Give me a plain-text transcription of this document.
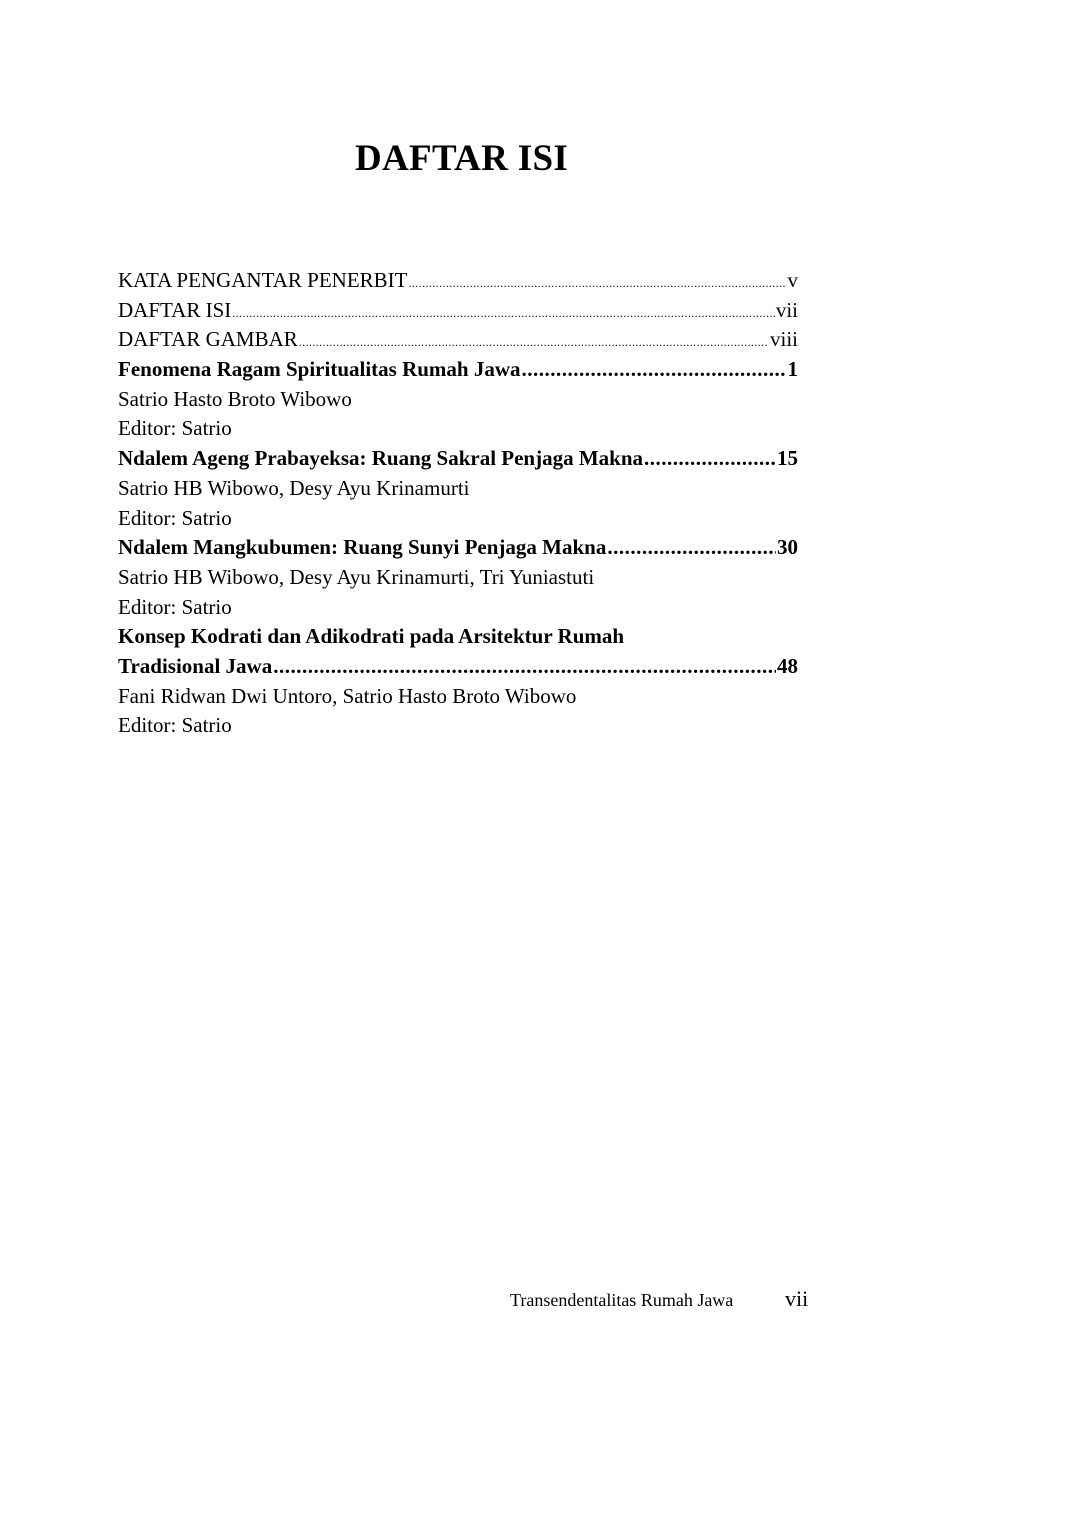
DAFTAR ISI
KATA PENGANTAR PENERBIT .....	v
DAFTAR ISI .....	vii
DAFTAR GAMBAR .....	viii
Fenomena Ragam Spiritualitas Rumah Jawa .....	1
Satrio Hasto Broto Wibowo
Editor: Satrio
Ndalem Ageng Prabayeksa: Ruang Sakral Penjaga Makna .....	15
Satrio HB Wibowo, Desy Ayu Krinamurti
Editor: Satrio
Ndalem Mangkubumen: Ruang Sunyi Penjaga Makna .....	30
Satrio HB Wibowo, Desy Ayu Krinamurti, Tri Yuniastuti
Editor: Satrio
Konsep Kodrati dan Adikodrati pada Arsitektur Rumah
Tradisional Jawa .....	48
Fani Ridwan Dwi Untoro, Satrio Hasto Broto Wibowo
Editor: Satrio
Transendentalitas Rumah Jawa vii
